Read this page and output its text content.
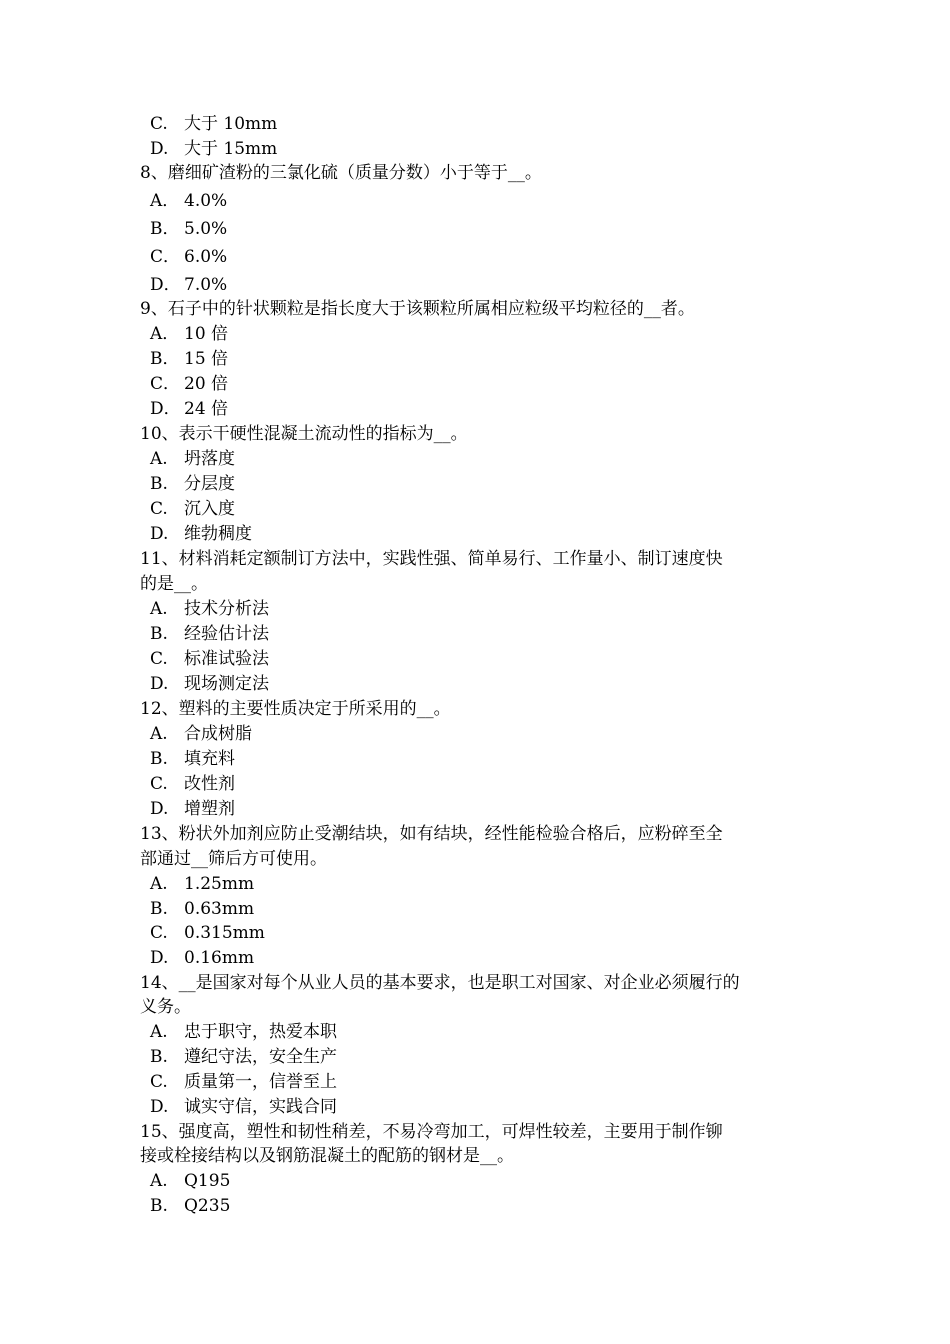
C. 大于 10mm
D. 大于 15mm
8、磨细矿渣粉的三氯化硫（质量分数）小于等于__。
A． 4.0%
B． 5.0%
C． 6.0%
D． 7.0%
9、石子中的针状颗粒是指长度大于该颗粒所属相应粒级平均粒径的__者。
A． 10 倍
B． 15 倍
C． 20 倍
D． 24 倍
10、表示干硬性混凝土流动性的指标为__。
A. 坍落度
B. 分层度
C. 沉入度
D. 维勃稠度
11、材料消耗定额制订方法中，实践性强、简单易行、工作量小、制订速度快
的是__。
A. 技术分析法
B. 经验估计法
C. 标准试验法
D. 现场测定法
12、塑料的主要性质决定于所采用的__。
A. 合成树脂
B. 填充料
C. 改性剂
D. 增塑剂
13、粉状外加剂应防止受潮结块，如有结块，经性能检验合格后，应粉碎至全
部通过__筛后方可使用。
A. 1.25mm
B. 0.63mm
C. 0.315mm
D. 0.16mm
14、__是国家对每个从业人员的基本要求，也是职工对国家、对企业必须履行的
义务。
A. 忠于职守，热爱本职
B. 遵纪守法，安全生产
C. 质量第一，信誉至上
D. 诚实守信，实践合同
15、强度高，塑性和韧性稍差，不易冷弯加工，可焊性较差，主要用于制作铆
接或栓接结构以及钢筋混凝土的配筋的钢材是__。
A. Q195
B. Q235
